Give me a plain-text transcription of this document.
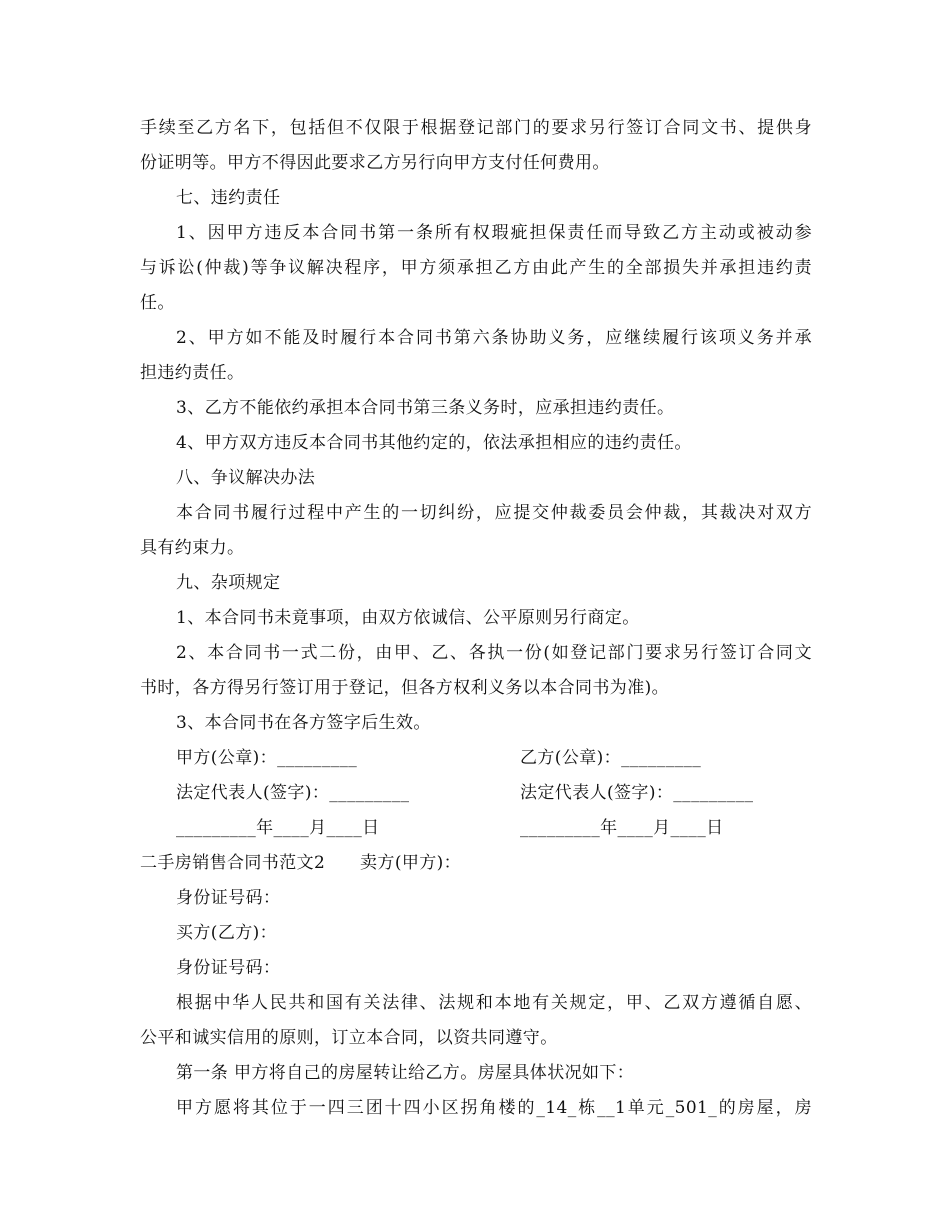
手续至乙方名下，包括但不仅限于根据登记部门的要求另行签订合同文书、提供身
份证明等。甲方不得因此要求乙方另行向甲方支付任何费用。
七、违约责任
1、因甲方违反本合同书第一条所有权瑕疵担保责任而导致乙方主动或被动参
与诉讼(仲裁)等争议解决程序，甲方须承担乙方由此产生的全部损失并承担违约责
任。
2、甲方如不能及时履行本合同书第六条协助义务，应继续履行该项义务并承
担违约责任。
3、乙方不能依约承担本合同书第三条义务时，应承担违约责任。
4、甲方双方违反本合同书其他约定的，依法承担相应的违约责任。
八、争议解决办法
本合同书履行过程中产生的一切纠纷，应提交仲裁委员会仲裁，其裁决对双方
具有约束力。
九、杂项规定
1、本合同书未竟事项，由双方依诚信、公平原则另行商定。
2、本合同书一式二份，由甲、乙、各执一份(如登记部门要求另行签订合同文
书时，各方得另行签订用于登记，但各方权利义务以本合同书为准)。
3、本合同书在各方签字后生效。
甲方(公章)：_________	乙方(公章)：_________
法定代表人(签字)：_________	法定代表人(签字)：_________
_________年____月____日	_________年____月____日
二手房销售合同书范文2　　卖方(甲方)：
身份证号码：
买方(乙方)：
身份证号码：
根据中华人民共和国有关法律、法规和本地有关规定，甲、乙双方遵循自愿、
公平和诚实信用的原则，订立本合同，以资共同遵守。
第一条 甲方将自己的房屋转让给乙方。房屋具体状况如下：
甲方愿将其位于一四三团十四小区拐角楼的_14_栋__1单元_501_的房屋，房
